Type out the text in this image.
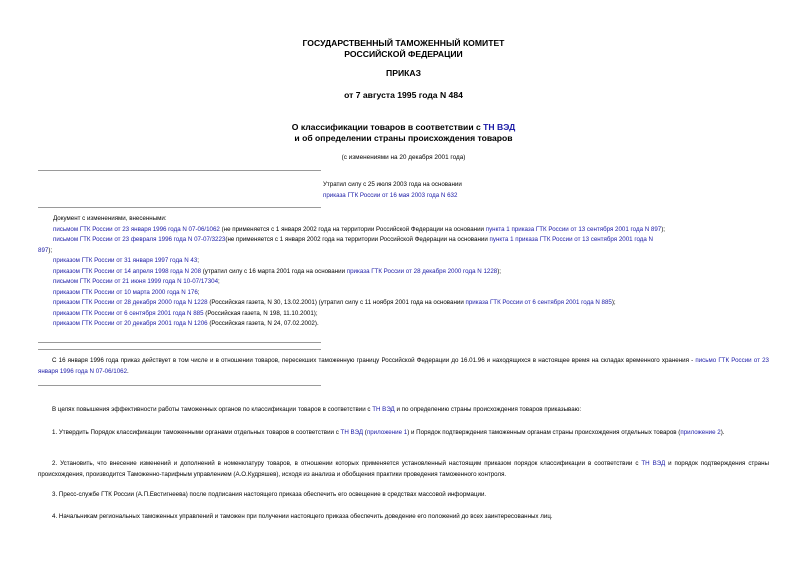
ГОСУДАРСТВЕННЫЙ ТАМОЖЕННЫЙ КОМИТЕТ
РОССИЙСКОЙ ФЕДЕРАЦИИ
ПРИКАЗ
от 7 августа 1995 года N 484
О классификации товаров в соответствии с ТН ВЭД
и об определении страны происхождения товаров
(с изменениями на 20 декабря 2001 года)
Утратил силу с 25 июля 2003 года на основании
приказа ГТК России от 16 мая 2003 года N 632
Документ с изменениями, внесенными:
письмом ГТК России от 23 января 1996 года N 07-06/1062 (не применяется с 1 января 2002 года на территории Российской Федерации на основании пункта 1 приказа ГТК России от 13 сентября 2001 года N 897);
письмом ГТК России от 23 февраля 1996 года N 07-07/3223(не применяется с 1 января 2002 года на территории Российской Федерации на основании пункта 1 приказа ГТК России от 13 сентября 2001 года N
897);
приказом ГТК России от 31 января 1997 года N 43;
приказом ГТК России от 14 апреля 1998 года N 208 (утратил силу с 16 марта 2001 года на основании приказа ГТК России от 28 декабря 2000 года N 1228);
письмом ГТК России от 21 июня 1999 года N 10-07/17304;
приказом ГТК России от 10 марта 2000 года N 176;
приказом ГТК России от 28 декабря 2000 года N 1228 (Российская газета, N 30, 13.02.2001) (утратил силу с 11 ноября 2001 года на основании приказа ГТК России от 6 сентября 2001 года N 885);
приказом ГТК России от 6 сентября 2001 года N 885 (Российская газета, N 198, 11.10.2001);
приказом ГТК России от 20 декабря 2001 года N 1206 (Российская газета, N 24, 07.02.2002).
С 16 января 1996 года приказ действует в том числе и в отношении товаров, пересекших таможенную границу Российской Федерации до 16.01.96 и находящихся в настоящее время на складах временного хранения - письмо ГТК России от 23 января 1996 года N 07-06/1062.
В целях повышения эффективности работы таможенных органов по классификации товаров в соответствии с ТН ВЭД и по определению страны происхождения товаров приказываю:
1. Утвердить Порядок классификации таможенными органами отдельных товаров в соответствии с ТН ВЭД (приложение 1) и Порядок подтверждения таможенным органам страны происхождения отдельных товаров (приложение 2).
2. Установить, что внесение изменений и дополнений в номенклатуру товаров, в отношении которых применяется установленный настоящим приказом порядок классификации в соответствии с ТН ВЭД и порядок подтверждения страны происхождения, производится Таможенно-тарифным управлением (А.О.Кудряшев), исходя из анализа и обобщения практики проведения таможенного контроля.
3. Пресс-службе ГТК России (А.П.Евстигнеева) после подписания настоящего приказа обеспечить его освещение в средствах массовой информации.
4. Начальникам региональных таможенных управлений и таможен при получении настоящего приказа обеспечить доведение его положений до всех заинтересованных лиц.
